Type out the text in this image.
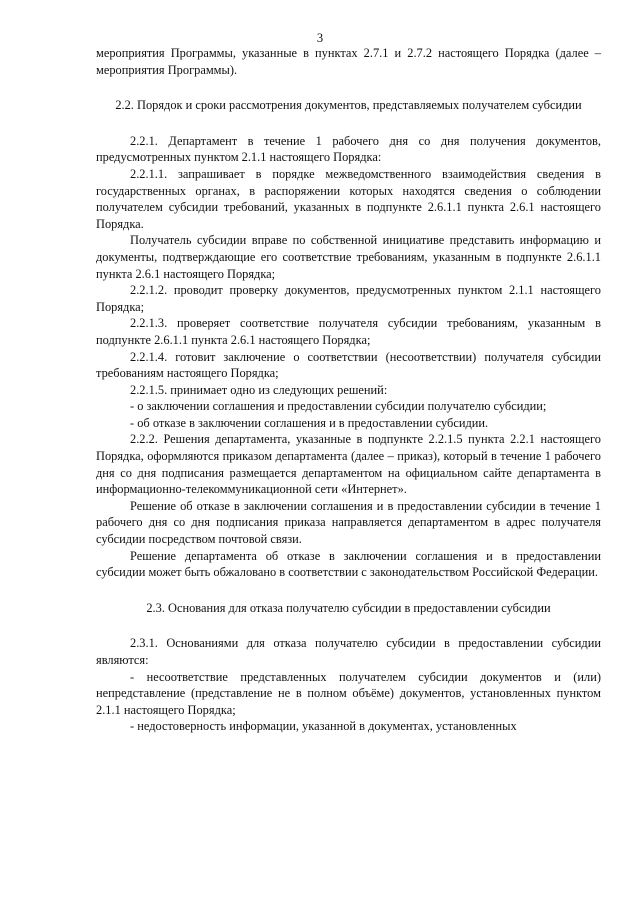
3

мероприятия Программы, указанные в пунктах 2.7.1 и 2.7.2 настоящего Порядка (далее – мероприятия Программы).

2.2. Порядок и сроки рассмотрения документов, представляемых получателем субсидии

2.2.1. Департамент в течение 1 рабочего дня со дня получения документов, предусмотренных пунктом 2.1.1 настоящего Порядка:

2.2.1.1. запрашивает в порядке межведомственного взаимодействия сведения в государственных органах, в распоряжении которых находятся сведения о соблюдении получателем субсидии требований, указанных в подпункте 2.6.1.1 пункта 2.6.1 настоящего Порядка.

Получатель субсидии вправе по собственной инициативе представить информацию и документы, подтверждающие его соответствие требованиям, указанным в подпункте 2.6.1.1 пункта 2.6.1 настоящего Порядка;

2.2.1.2. проводит проверку документов, предусмотренных пунктом 2.1.1 настоящего Порядка;

2.2.1.3. проверяет соответствие получателя субсидии требованиям, указанным в подпункте 2.6.1.1 пункта 2.6.1 настоящего Порядка;

2.2.1.4. готовит заключение о соответствии (несоответствии) получателя субсидии требованиям настоящего Порядка;

2.2.1.5. принимает одно из следующих решений:

- о заключении соглашения и предоставлении субсидии получателю субсидии;

- об отказе в заключении соглашения и в предоставлении субсидии.

2.2.2. Решения департамента, указанные в подпункте 2.2.1.5 пункта 2.2.1 настоящего Порядка, оформляются приказом департамента (далее – приказ), который в течение 1 рабочего дня со дня подписания размещается департаментом на официальном сайте департамента в информационно-телекоммуникационной сети «Интернет».

Решение об отказе в заключении соглашения и в предоставлении субсидии в течение 1 рабочего дня со дня подписания приказа направляется департаментом в адрес получателя субсидии посредством почтовой связи.

Решение департамента об отказе в заключении соглашения и в предоставлении субсидии может быть обжаловано в соответствии с законодательством Российской Федерации.

2.3. Основания для отказа получателю субсидии в предоставлении субсидии

2.3.1. Основаниями для отказа получателю субсидии в предоставлении субсидии являются:

- несоответствие представленных получателем субсидии документов и (или) непредставление (представление не в полном объёме) документов, установленных пунктом 2.1.1 настоящего Порядка;

- недостоверность информации, указанной в документах, установленных
